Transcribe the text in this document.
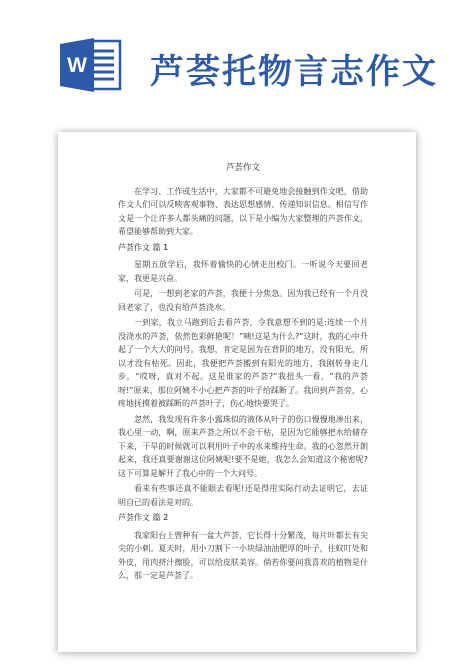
W 芦荟托物言志作文
芦荟作文
在学习、工作或生活中，大家都不可避免地会接触到作文吧，借助作文人们可以反映客观事物、表达思想感情、传递知识信息。相信写作文是一个让许多人都头痛的问题，以下是小编为大家整理的芦荟作文，希望能够帮助到大家。
芦荟作文 篇 1
星期五放学后，我怀着愉快的心情走出校门。一听说今天要回老家，我更是兴奋。
可是，一想到老家的芦荟，我便十分焦急。因为我已经有一个月没回老家了，也没有给芦荟浇水。
一到家，我立马跑到后去看芦荟，令我意想不到的是:连续一个月没浇水的芦荟，依然色彩鲜艳呢！“咦!这是为什么?”这时，我的心中升起了一个大大的问号。我想，肯定是因为在背阴的地方，没有阳光，所以才没有枯死。因此，我便把芦荟搬到有阳光的地方，我刚转身走几步，“哎呀，真对不起。这是谁家的芦荟?”我扭头一看，“我的芦荟呀!”原来，那位阿姨不小心把芦荟的叶子给踩断了。我回到芦荟旁，心疼地抚摸着被踩断的芦荟叶子，伤心地快要哭了。
忽然，我发现有许多小露珠似的液体从叶子的伤口慢慢地渗出来，我心里一动，啊，原来芦荟之所以不会干枯，是因为它能够把水给储存下来，干旱的时候就可以利用叶子中的水来维持生命。我的心忽然开朗起来，我还真要谢谢这位阿姨呢!要不是她，我怎么会知道这个秘密呢?这下可算是解开了我心中的一个大问号。
看来有些事还真不能眼去看呢!还是得用实际行动去证明它，去证明自己的看法是对的。
芦荟作文 篇 2
我家阳台上曾种有一盆大芦荟，它长得十分繁茂，每片叶都长有尖尖的小刺。夏天时，用小刀割下一小块绿油油肥厚的叶子，往蚊叮处和外皮，用肉挤汁擦脸，可以给皮肤美容。倘若你要问我喜欢的植物是什么，那一定是芦荟了。
